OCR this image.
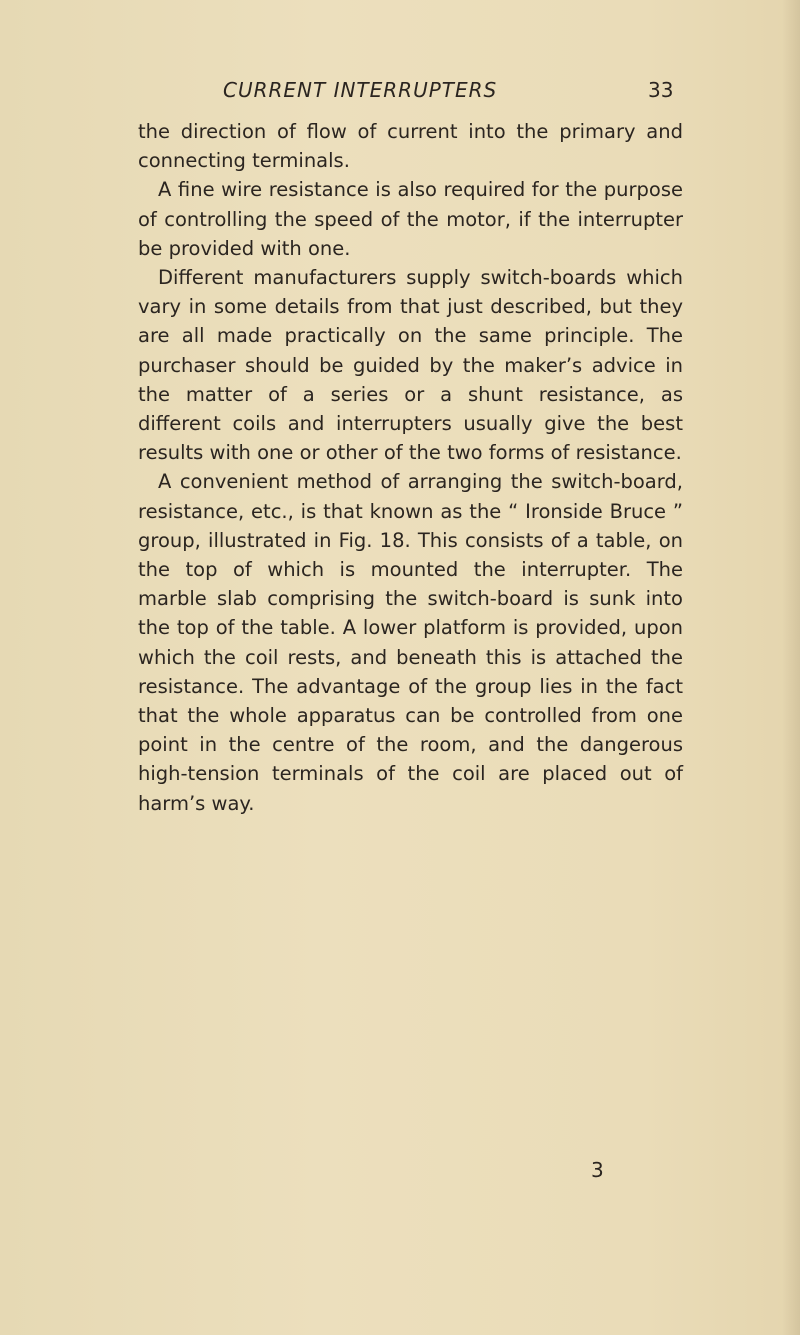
CURRENT INTERRUPTERS	33

the direction of flow of current into the primary and connecting terminals.

A fine wire resistance is also required for the purpose of controlling the speed of the motor, if the interrupter be provided with one.

Different manufacturers supply switch-boards which vary in some details from that just described, but they are all made practically on the same principle. The purchaser should be guided by the maker’s advice in the matter of a series or a shunt resistance, as different coils and interrupters usually give the best results with one or other of the two forms of resistance.

A convenient method of arranging the switch-board, resistance, etc., is that known as the “ Ironside Bruce ” group, illustrated in Fig. 18. This consists of a table, on the top of which is mounted the interrupter. The marble slab comprising the switch-board is sunk into the top of the table. A lower platform is provided, upon which the coil rests, and beneath this is attached the resistance. The advantage of the group lies in the fact that the whole apparatus can be controlled from one point in the centre of the room, and the dangerous high-tension terminals of the coil are placed out of harm’s way.

3
